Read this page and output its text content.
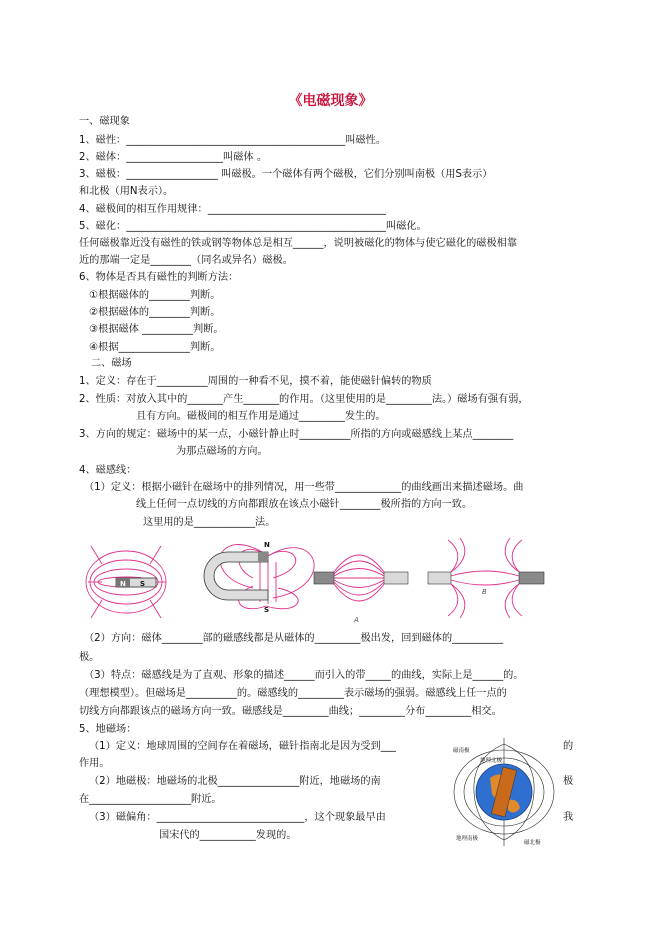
《电磁现象》
一、磁现象
1、磁性：___________________________________________叫磁性。
2、磁体：___________________叫磁体 。
3、磁极：__________________ 叫磁极。一个磁体有两个磁极，它们分别叫南极（用S表示）
和北极（用N表示）。
4、磁极间的相互作用规律：___________________________________
5、磁化：___________________________________________________叫磁化。
任何磁极靠近没有磁性的铁或钢等物体总是相互______，说明被磁化的物体与使它磁化的磁极相靠
近的那端一定是________（同名或异名）磁极。
6、物体是否具有磁性的判断方法：
①根据磁体的________判断。
②根据磁体的________判断。
③根据磁体 __________判断。
④根据______________判断。
二、磁场
1、定义：存在于__________周围的一种看不见，摸不着，能使磁针偏转的物质
2、性质：对放入其中的_______产生_______的作用。（这里使用的是_________法。）磁场有强有弱，
且有方向。磁极间的相互作用是通过_________发生的。
3、方向的规定：磁场中的某一点，小磁针静止时__________所指的方向或磁感线上某点________
为那点磁场的方向。
4、磁感线：
（1）定义：根据小磁针在磁场中的排列情况，用一些带_____________的曲线画出来描述磁场。曲
线上任何一点切线的方向都跟放在该点小磁针________极所指的方向一致。
这里用的是____________法。
N S
N
S
A
B
（2）方向：磁体________部的磁感线都是从磁体的_________极出发，回到磁体的__________
极。
（3）特点：磁感线是为了直观、形象的描述______而引入的带_____的曲线，实际上是______的。
（理想模型）。但磁场是__________的。磁感线的_________表示磁场的强弱。磁感线上任一点的
切线方向都跟该点的磁场方向一致。磁感线是_________曲线；_________分布_________相交。
5、地磁场：
（1）定义：地球周围的空间存在着磁场，磁针指南北是因为受到___	的
作用。
（2）地磁极：地磁场的北极________________附近，地磁场的南	极
在____________________附近。
（3）磁偏角：_____________________________，这个现象最早由	我
国宋代的___________发现的。
地理北极
磁南极
地理南极
磁北极
